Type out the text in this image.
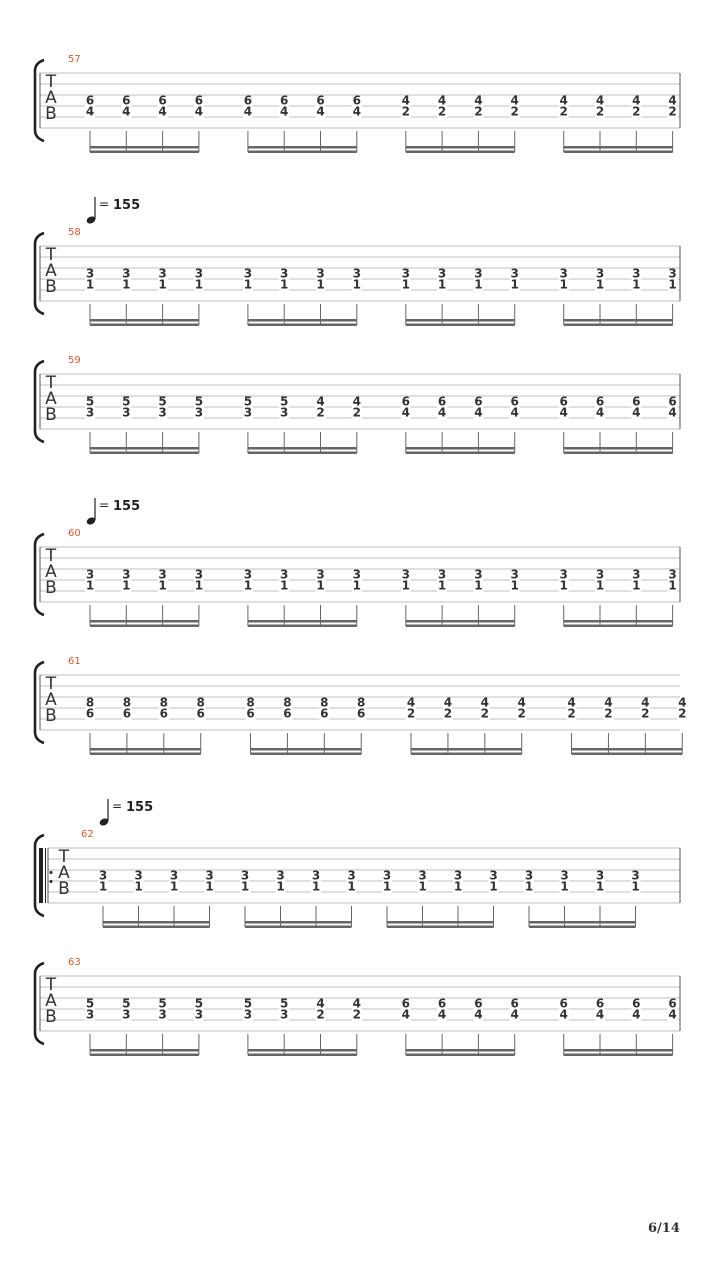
57
T
A
B
6
4
6
4
6
4
6
4
6
4
6
4
6
4
6
4
4
2
4
2
4
2
4
2
4
2
4
2
4
2
4
2
= 155
58
T
A
B
3
1
3
1
3
1
3
1
3
1
3
1
3
1
3
1
3
1
3
1
3
1
3
1
3
1
3
1
3
1
3
1
59
T
A
B
5
3
5
3
5
3
5
3
5
3
5
3
4
2
4
2
6
4
6
4
6
4
6
4
6
4
6
4
6
4
6
4
= 155
60
T
A
B
3
1
3
1
3
1
3
1
3
1
3
1
3
1
3
1
3
1
3
1
3
1
3
1
3
1
3
1
3
1
3
1
61
T
A
B
8
6
8
6
8
6
8
6
8
6
8
6
8
6
8
6
4
2
4
2
4
2
4
2
4
2
4
2
4
2
4
2
= 155
62
T
A
B
3
1
3
1
3
1
3
1
3
1
3
1
3
1
3
1
3
1
3
1
3
1
3
1
3
1
3
1
3
1
3
1
63
T
A
B
5
3
5
3
5
3
5
3
5
3
5
3
4
2
4
2
6
4
6
4
6
4
6
4
6
4
6
4
6
4
6
4
6/14
